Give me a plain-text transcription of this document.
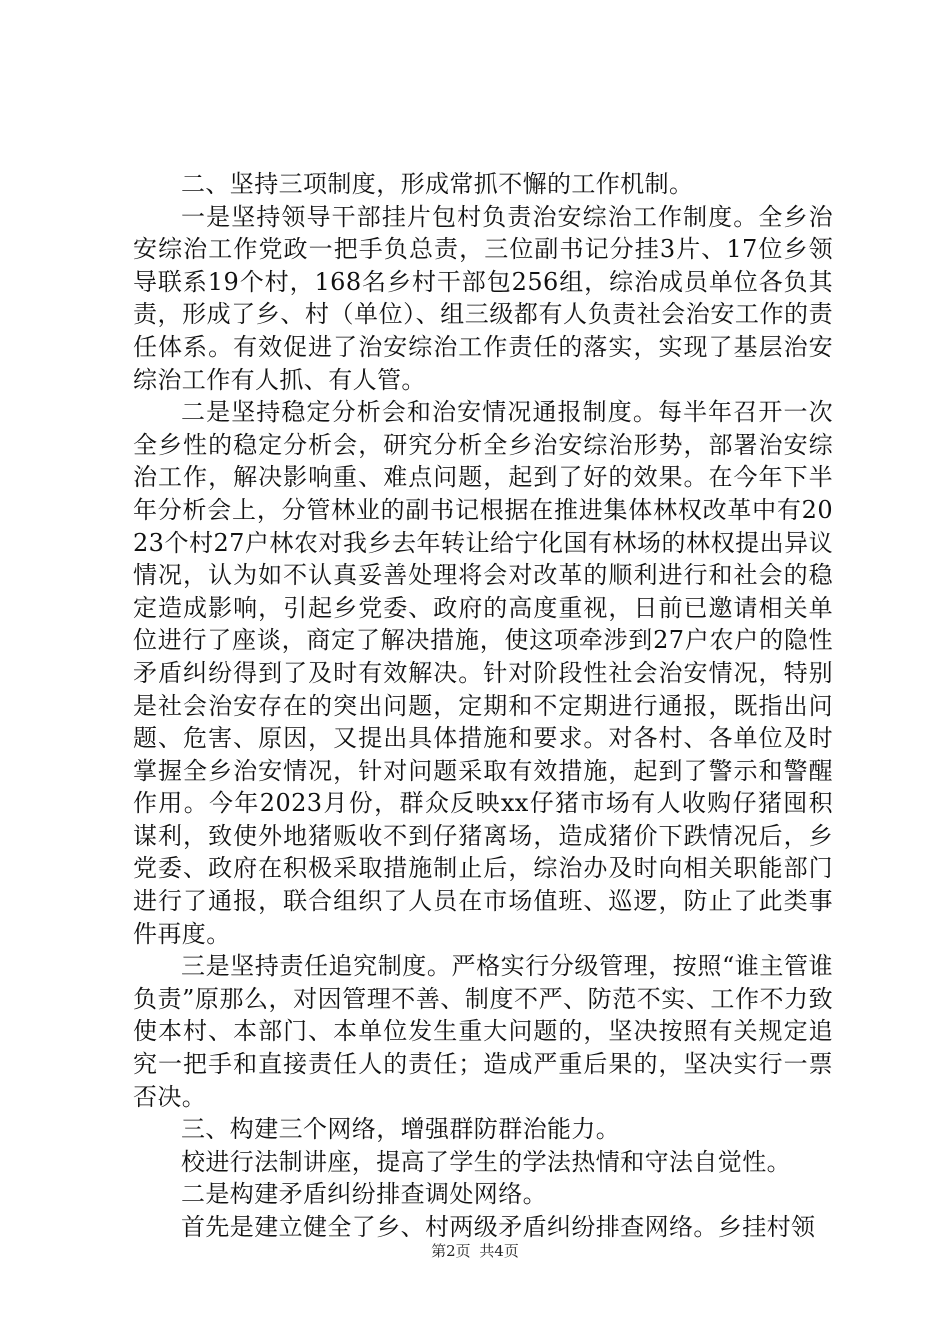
二、坚持三项制度，形成常抓不懈的工作机制。

一是坚持领导干部挂片包村负责治安综治工作制度。全乡治安综治工作党政一把手负总责，三位副书记分挂3片、17位乡领导联系19个村，168名乡村干部包256组，综治成员单位各负其责，形成了乡、村（单位）、组三级都有人负责社会治安工作的责任体系。有效促进了治安综治工作责任的落实，实现了基层治安综治工作有人抓、有人管。

二是坚持稳定分析会和治安情况通报制度。每半年召开一次全乡性的稳定分析会，研究分析全乡治安综治形势，部署治安综治工作，解决影响重、难点问题，起到了好的效果。在今年下半年分析会上，分管林业的副书记根据在推进集体林权改革中有2023个村27户林农对我乡去年转让给宁化国有林场的林权提出异议情况，认为如不认真妥善处理将会对改革的顺利进行和社会的稳定造成影响，引起乡党委、政府的高度重视，日前已邀请相关单位进行了座谈，商定了解决措施，使这项牵涉到27户农户的隐性矛盾纠纷得到了及时有效解决。针对阶段性社会治安情况，特别是社会治安存在的突出问题，定期和不定期进行通报，既指出问题、危害、原因，又提出具体措施和要求。对各村、各单位及时掌握全乡治安情况，针对问题采取有效措施，起到了警示和警醒作用。今年2023月份，群众反映xx仔猪市场有人收购仔猪囤积谋利，致使外地猪贩收不到仔猪离场，造成猪价下跌情况后，乡党委、政府在积极采取措施制止后，综治办及时向相关职能部门进行了通报，联合组织了人员在市场值班、巡逻，防止了此类事件再度。

三是坚持责任追究制度。严格实行分级管理，按照“谁主管谁负责”原那么，对因管理不善、制度不严、防范不实、工作不力致使本村、本部门、本单位发生重大问题的，坚决按照有关规定追究一把手和直接责任人的责任；造成严重后果的，坚决实行一票否决。

三、构建三个网络，增强群防群治能力。

校进行法制讲座，提高了学生的学法热情和守法自觉性。

二是构建矛盾纠纷排查调处网络。

首先是建立健全了乡、村两级矛盾纠纷排查网络。乡挂村领

第2页 共4页
